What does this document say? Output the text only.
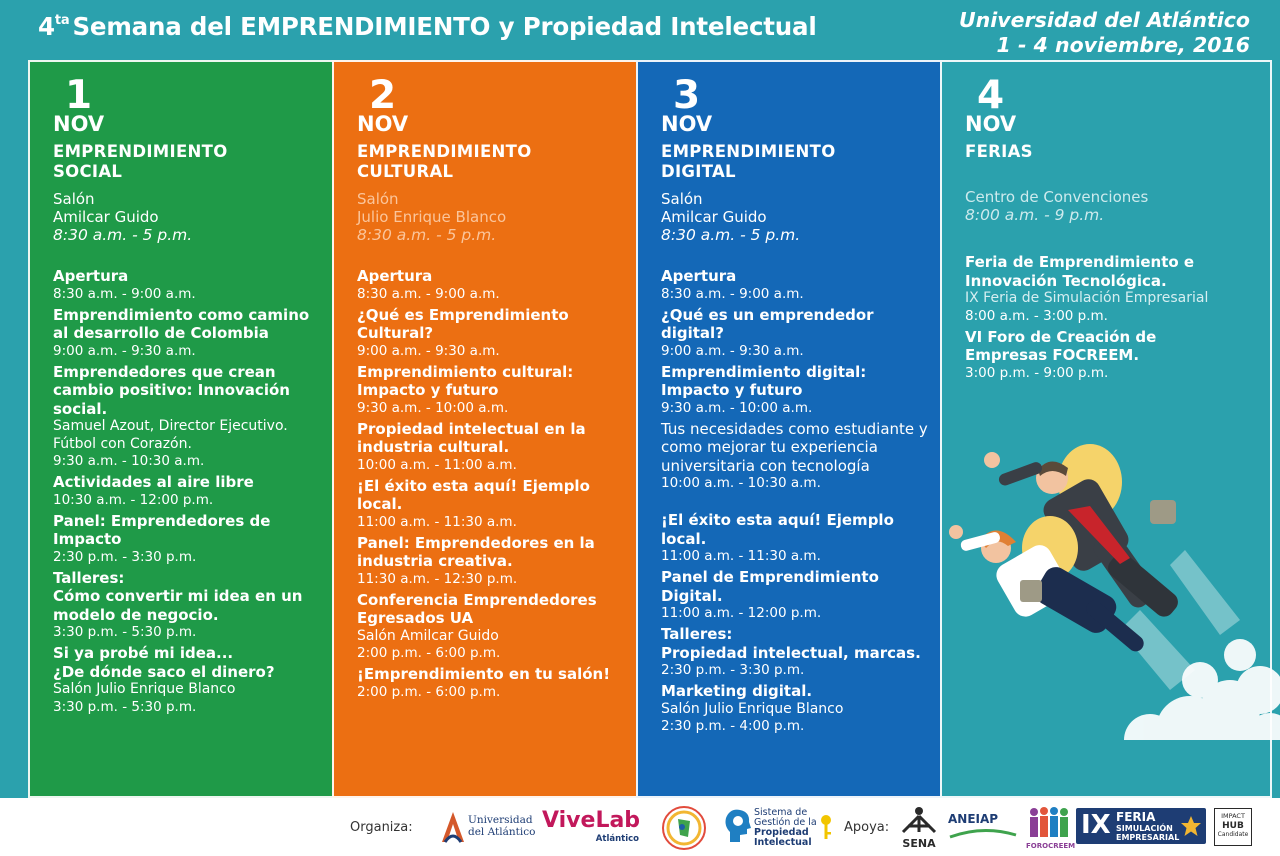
$4^{ta}$ Semana del EMPRENDIMIENTO y Propiedad Intelectual	Universidad del Atlántico
1 - 4 noviembre, 2016
1
NOV
EMPRENDIMIENTO
SOCIAL
Salón
Amilcar Guido
8:30 a.m. - 5 p.m.
Apertura
8:30 a.m. - 9:00 a.m.
Emprendimiento como camino
al desarrollo de Colombia
9:00 a.m. - 9:30 a.m.
Emprendedores que crean
cambio positivo: Innovación
social.
Samuel Azout, Director Ejecutivo.
Fútbol con Corazón.
9:30 a.m. - 10:30 a.m.
Actividades al aire libre
10:30 a.m. - 12:00 p.m.
Panel: Emprendedores de
Impacto
2:30 p.m. - 3:30 p.m.
Talleres:
Cómo convertir mi idea en un
modelo de negocio.
3:30 p.m. - 5:30 p.m.
Si ya probé mi idea...
¿De dónde saco el dinero?
Salón Julio Enrique Blanco
3:30 p.m. - 5:30 p.m.
2
NOV
EMPRENDIMIENTO
CULTURAL
Salón
Julio Enrique Blanco
8:30 a.m. - 5 p.m.
Apertura
8:30 a.m. - 9:00 a.m.
¿Qué es Emprendimiento
Cultural?
9:00 a.m. - 9:30 a.m.
Emprendimiento cultural:
Impacto y futuro
9:30 a.m. - 10:00 a.m.
Propiedad intelectual en la
industria cultural.
10:00 a.m. - 11:00 a.m.
¡El éxito esta aquí! Ejemplo
local.
11:00 a.m. - 11:30 a.m.
Panel: Emprendedores en la
industria creativa.
11:30 a.m. - 12:30 p.m.
Conferencia Emprendedores
Egresados UA
Salón Amilcar Guido
2:00 p.m. - 6:00 p.m.
¡Emprendimiento en tu salón!
2:00 p.m. - 6:00 p.m.
3
NOV
EMPRENDIMIENTO
DIGITAL
Salón
Amilcar Guido
8:30 a.m. - 5 p.m.
Apertura
8:30 a.m. - 9:00 a.m.
¿Qué es un emprendedor
digital?
9:00 a.m. - 9:30 a.m.
Emprendimiento digital:
Impacto y futuro
9:30 a.m. - 10:00 a.m.
Tus necesidades como estudiante y
como mejorar tu experiencia
universitaria con tecnología
10:00 a.m. - 10:30 a.m.
¡El éxito esta aquí! Ejemplo
local.
11:00 a.m. - 11:30 a.m.
Panel de Emprendimiento
Digital.
11:00 a.m. - 12:00 p.m.
Talleres:
Propiedad intelectual, marcas.
2:30 p.m. - 3:30 p.m.
Marketing digital.
Salón Julio Enrique Blanco
2:30 p.m. - 4:00 p.m.
4
NOV
FERIAS
Centro de Convenciones
8:00 a.m. - 9 p.m.
Feria de Emprendimiento e
Innovación Tecnológica.
IX Feria de Simulación Empresarial
8:00 a.m. - 3:00 p.m.
VI Foro de Creación de
Empresas FOCREEM.
3:00 p.m. - 9:00 p.m.
Organiza:	Universidad
del Atlántico ViveLab
Atlántico
Sistema de
Gestión de la
Propiedad
Intelectual
Apoya:
SENA
ANEIAP
FOROCREEM
IX FERIA
SIMULACIÓN
EMPRESARIAL
IMPACT
HUB
Candidate
